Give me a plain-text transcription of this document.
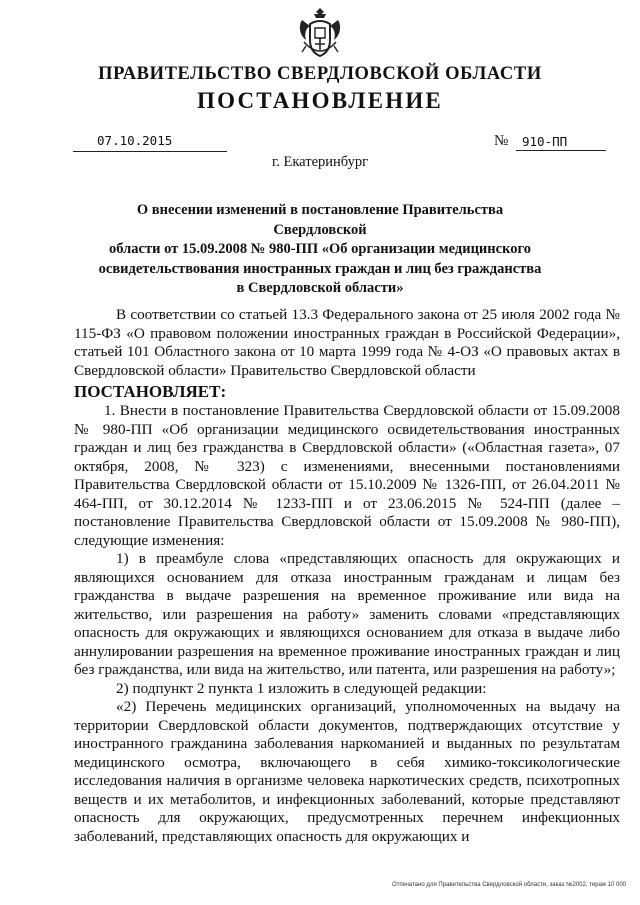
ПРАВИТЕЛЬСТВО СВЕРДЛОВСКОЙ ОБЛАСТИ
ПОСТАНОВЛЕНИЕ
07.10.2015	№ 910-ПП
г. Екатеринбург
О внесении изменений в постановление Правительства Свердловской
области от 15.09.2008 № 980-ПП «Об организации медицинского
освидетельствования иностранных граждан и лиц без гражданства
в Свердловской области»

В соответствии со статьей 13.3 Федерального закона от 25 июля 2002 года № 115-ФЗ «О правовом положении иностранных граждан в Российской Федерации», статьей 101 Областного закона от 10 марта 1999 года № 4-ОЗ «О правовых актах в Свердловской области» Правительство Свердловской области

ПОСТАНОВЛЯЕТ:

1. Внести в постановление Правительства Свердловской области от 15.09.2008 № 980-ПП «Об организации медицинского освидетельствования иностранных граждан и лиц без гражданства в Свердловской области» («Областная газета», 07 октября, 2008, № 323) с изменениями, внесенными постановлениями Правительства Свердловской области от 15.10.2009 № 1326-ПП, от 26.04.2011 № 464-ПП, от 30.12.2014 № 1233-ПП и от 23.06.2015 № 524-ПП (далее – постановление Правительства Свердловской области от 15.09.2008 № 980-ПП), следующие изменения:

1) в преамбуле слова «представляющих опасность для окружающих и являющихся основанием для отказа иностранным гражданам и лицам без гражданства в выдаче разрешения на временное проживание или вида на жительство, или разрешения на работу» заменить словами «представляющих опасность для окружающих и являющихся основанием для отказа в выдаче либо аннулировании разрешения на временное проживание иностранных граждан и лиц без гражданства, или вида на жительство, или патента, или разрешения на работу»;

2) подпункт 2 пункта 1 изложить в следующей редакции:

«2) Перечень медицинских организаций, уполномоченных на выдачу на территории Свердловской области документов, подтверждающих отсутствие у иностранного гражданина заболевания наркоманией и выданных по результатам медицинского осмотра, включающего в себя химико-токсикологические исследования наличия в организме человека наркотических средств, психотропных веществ и их метаболитов, и инфекционных заболеваний, которые представляют опасность для окружающих, предусмотренных перечнем инфекционных заболеваний, представляющих опасность для окружающих и

Отпечатано для Правительства Свердловской области, заказ №2002, тираж 10 000
